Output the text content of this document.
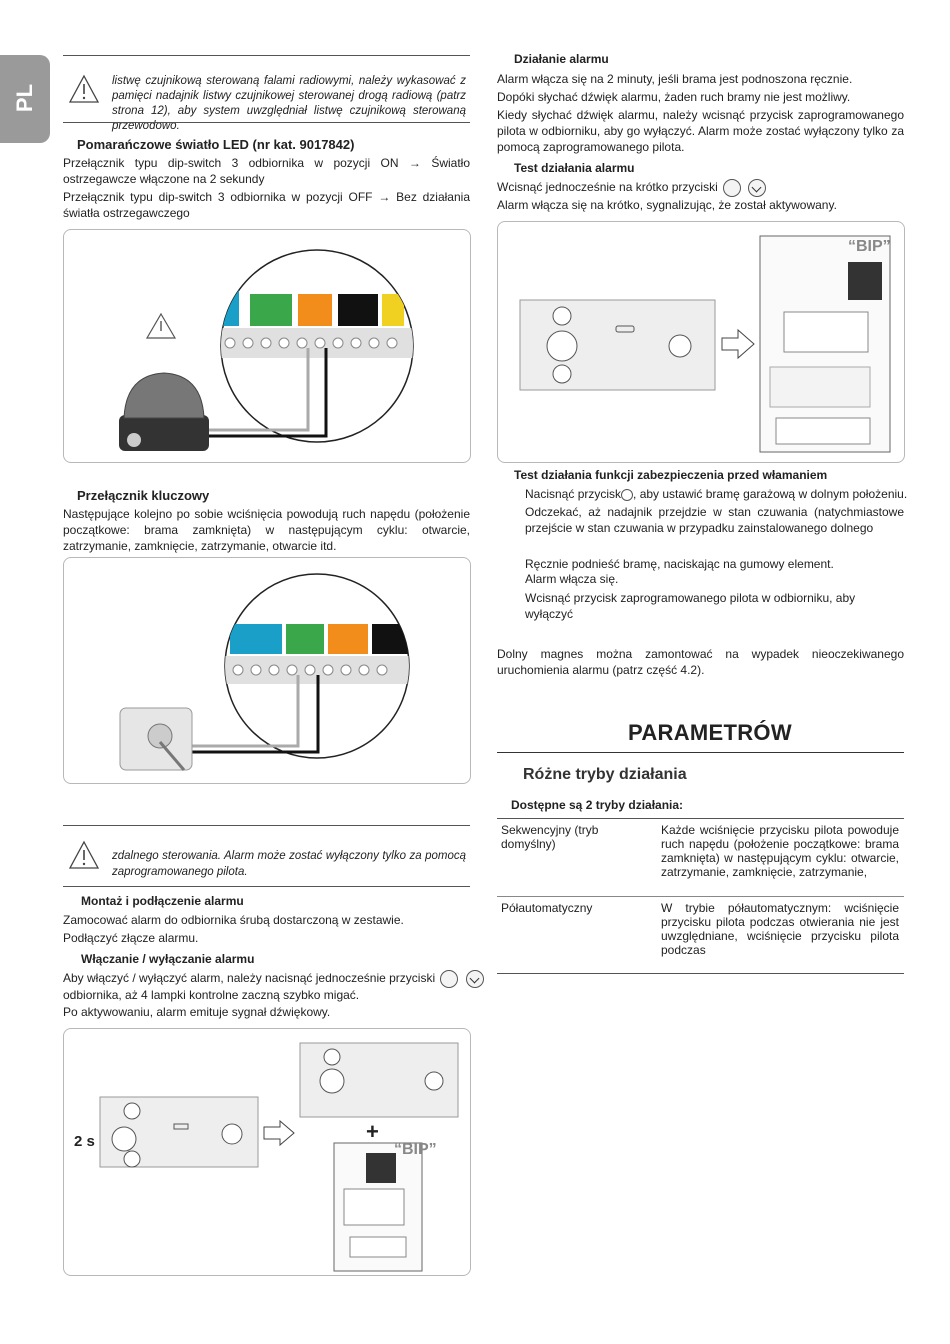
PL

listwę czujnikową sterowaną falami radiowymi, należy wykasować z pamięci nadajnik listwy czujnikowej sterowanej drogą radiową (patrz strona 12), aby system uwzględniał listwę czujnikową sterowaną przewodowo.

Pomarańczowe światło LED (nr kat. 9017842)

Przełącznik typu dip-switch 3 odbiornika w pozycji ON → Światło ostrzegawcze włączone na 2 sekundy

Przełącznik typu dip-switch 3 odbiornika w pozycji OFF → Bez działania światła ostrzegawczego

Przełącznik kluczowy

Następujące kolejno po sobie wciśnięcia powodują ruch napędu (położenie początkowe: brama zamknięta) w następującym cyklu: otwarcie, zatrzymanie, zamknięcie, zatrzymanie, otwarcie itd.

zdalnego sterowania. Alarm może zostać wyłączony tylko za pomocą zaprogramowanego pilota.

Montaż i podłączenie alarmu

Zamocować alarm do odbiornika śrubą dostarczoną w zestawie.

Podłączyć złącze alarmu.

Włączanie / wyłączanie alarmu

Aby włączyć / wyłączyć alarm, należy nacisnąć jednocześnie przyciski

odbiornika, aż 4 lampki kontrolne zaczną szybko migać.

Po aktywowaniu, alarm emituje sygnał dźwiękowy.

2 s	+
“BIP”
Działanie alarmu

Alarm włącza się na 2 minuty, jeśli brama jest podnoszona ręcznie.

Dopóki słychać dźwięk alarmu, żaden ruch bramy nie jest możliwy.

Kiedy słychać dźwięk alarmu, należy wcisnąć przycisk zaprogramowanego pilota w odbiorniku, aby go wyłączyć. Alarm może zostać wyłączony tylko za pomocą zaprogramowanego pilota.

Test działania alarmu

Wcisnąć jednocześnie na krótko przyciski

Alarm włącza się na krótko, sygnalizując, że został aktywowany.

“BIP”
Test działania funkcji zabezpieczenia przed włamaniem

Nacisnąć przycisk , aby ustawić bramę garażową w dolnym położeniu.

Odczekać, aż nadajnik przejdzie w stan czuwania (natychmiastowe przejście w stan czuwania w przypadku zainstalowanego dolnego

Ręcznie podnieść bramę, naciskając na gumowy element.

Alarm włącza się.

Wcisnąć przycisk zaprogramowanego pilota w odbiorniku, aby wyłączyć

Dolny magnes można zamontować na wypadek nieoczekiwanego uruchomienia alarmu (patrz część 4.2).

PARAMETRÓW
Różne tryby działania
Dostępne są 2 tryby działania:
Sekwencyjny (tryb domyślny)
Każde wciśnięcie przycisku pilota powoduje ruch napędu (położenie początkowe: brama zamknięta) w następującym cyklu: otwarcie, zatrzymanie, zamknięcie, zatrzymanie,
Półautomatyczny	W trybie półautomatycznym: wciśnięcie przycisku pilota podczas otwierania nie jest uwzględniane, wciśnięcie przycisku pilota podczas
